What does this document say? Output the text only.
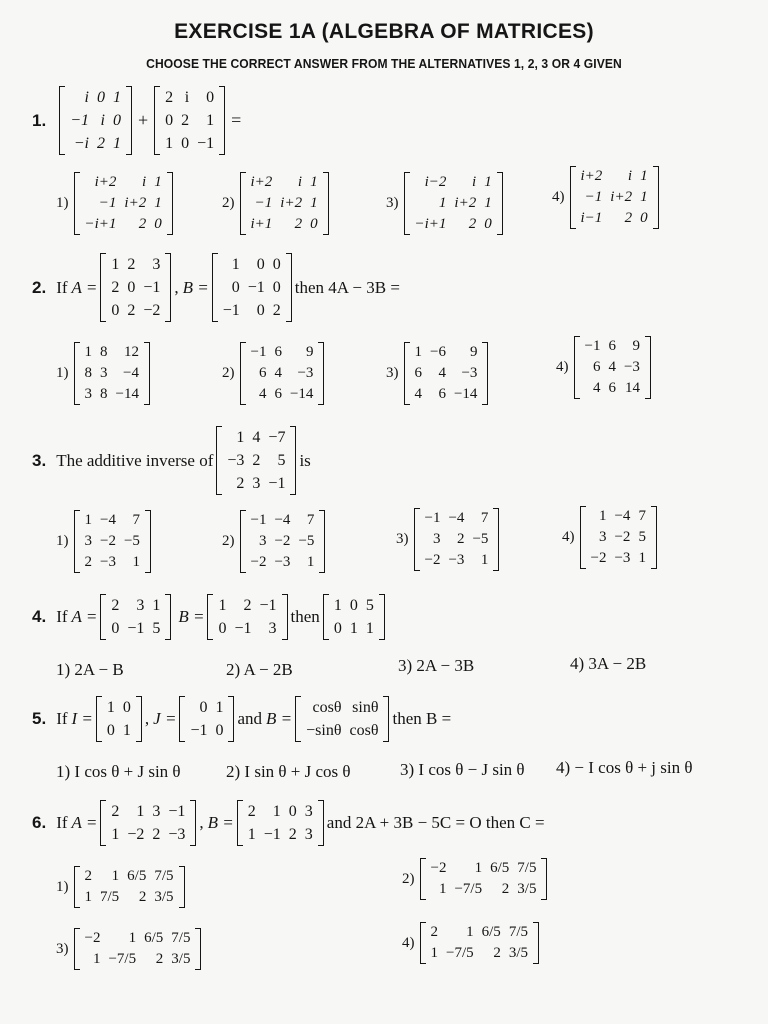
EXERCISE 1A (ALGEBRA OF MATRICES)
CHOOSE THE CORRECT ANSWER FROM THE ALTERNATIVES 1, 2, 3 OR 4 GIVEN
1.
i	0	1
−1	i	0
−i	2	1
+
2	i	0
0	2	1
1	0	−1
=
1)
i+2	i	1
−1	i+2	1
−i+1	2	0
2)
i+2	i	1
−1	i+2	1
i+1	2	0
3)
i−2	i	1
1	i+2	1
−i+1	2	0
4)
i+2	i	1
−1	i+2	1
i−1	2	0
2. If
A =
1	2	3
2	0	−1
0	2	−2
,
B =
1	0	0
0	−1	0
−1	0	2
then 4A − 3B =
1)
1	8	12
8	3	−4
3	8	−14
2)
−1	6	9
6	4	−3
4	6	−14
3)
1	−6	9
6	4	−3
4	6	−14
4)
−1	6	9
6	4	−3
4	6	14
3. The additive inverse of
1	4	−7
−3	2	5
2	3	−1
is
1)
1	−4	7
3	−2	−5
2	−3	1
2)
−1	−4	7
3	−2	−5
−2	−3	1
3)
−1	−4	7
3	2	−5
−2	−3	1
4)
1	−4	7
3	−2	5
−2	−3	1
4. If
A =
2	3	1
0	−1	5

B =
1	2	−1
0	−1	3
then
1	0	5
0	1	1
1) 2A − B	2) A − 2B	3) 2A − 3B	4) 3A − 2B
5. If
I =
1	0
0	1
,
J =
0	1
−1	0
and
B =
cosθ	sinθ
−sinθ	cosθ
then B =
1) I cos θ + J sin θ	2) I sin θ + J cos θ	3) I cos θ − J sin θ 4) − I cos θ + j sin θ
6. If
A =
2	1	3	−1
1	−2	2	−3
,
B =
2	1	0	3
1	−1	2	3
and 2A + 3B − 5C = O then C =
1)
2	1	6/5	7/5
1	7/5	2	3/5
2)
−2	1	6/5	7/5
1	−7/5	2	3/5
3)
−2	1	6/5	7/5
1	−7/5	2	3/5
4)
2	1	6/5	7/5
1	−7/5	2	3/5
